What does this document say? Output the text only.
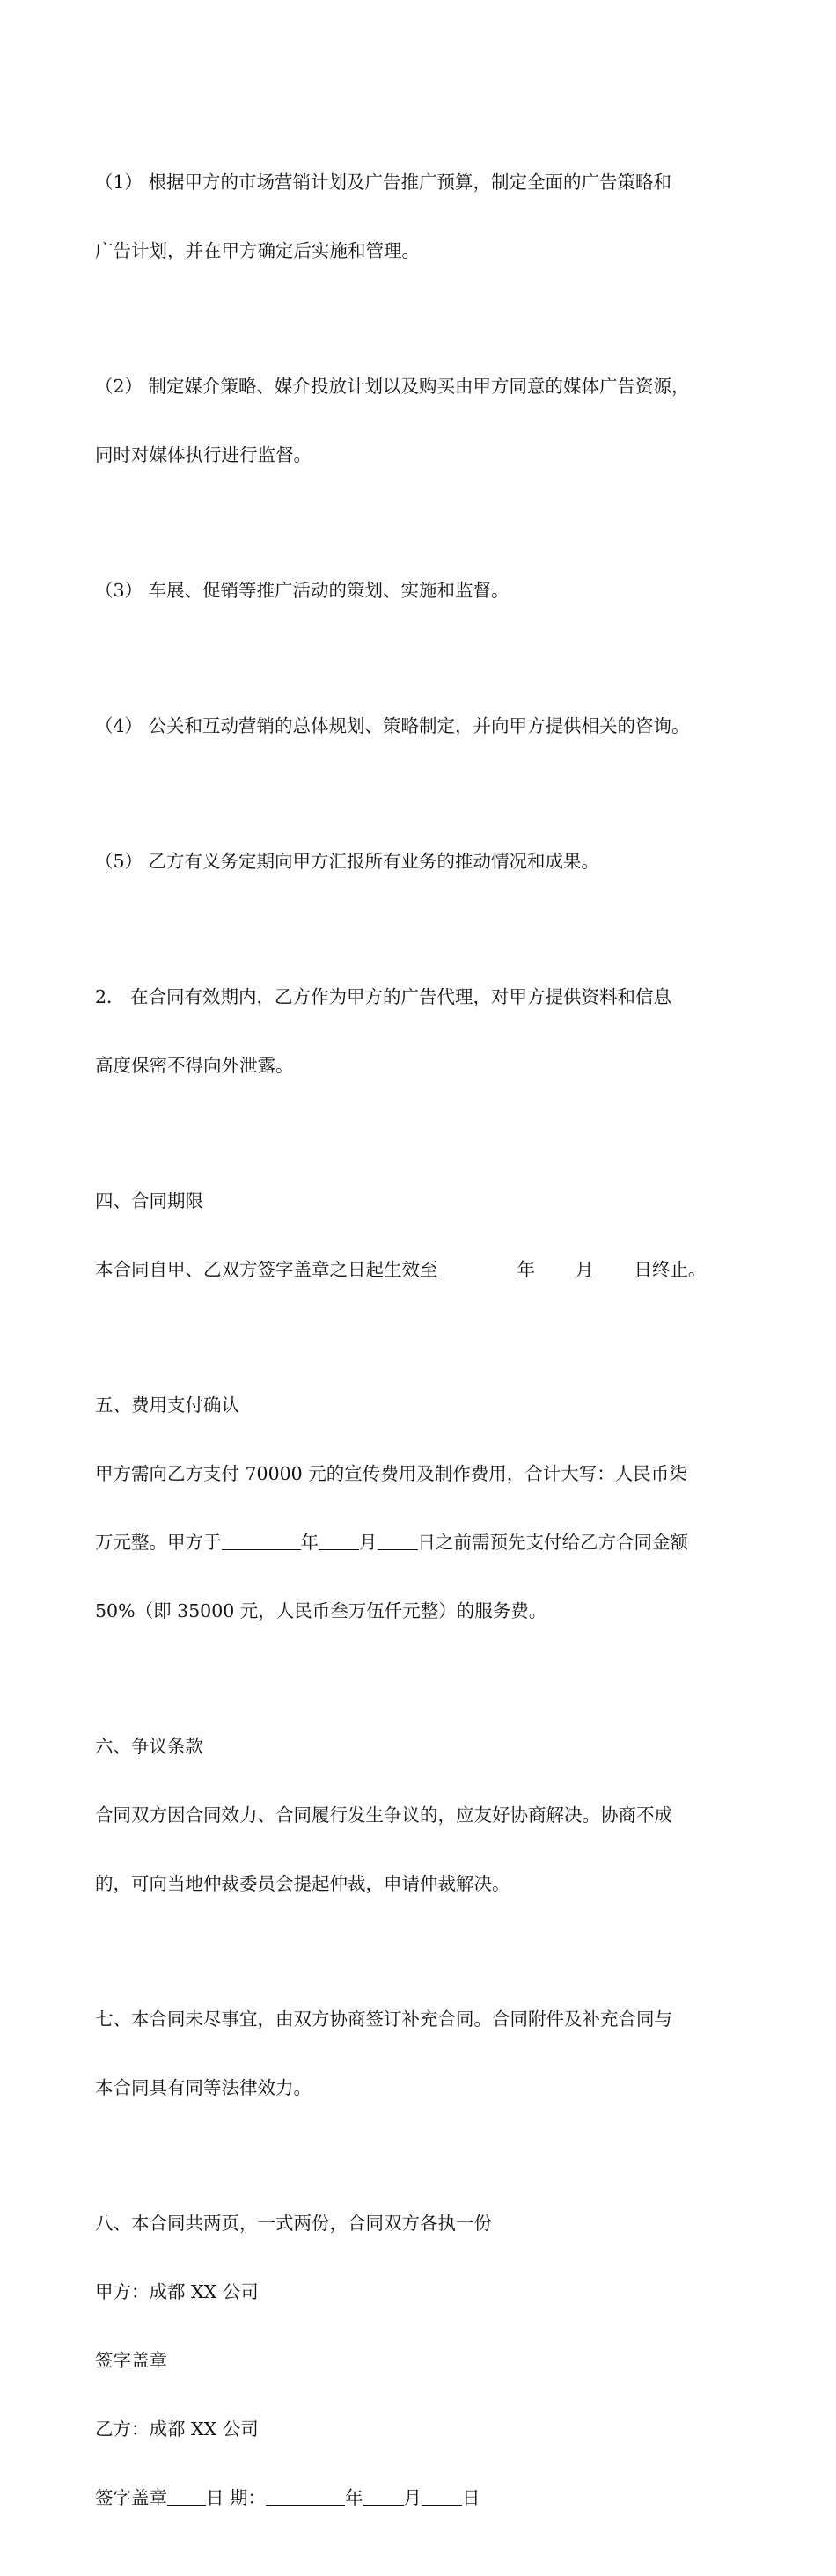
（1） 根据甲方的市场营销计划及广告推广预算，制定全面的广告策略和

广告计划，并在甲方确定后实施和管理。

（2） 制定媒介策略、媒介投放计划以及购买由甲方同意的媒体广告资源，

同时对媒体执行进行监督。

（3） 车展、促销等推广活动的策划、实施和监督。

（4） 公关和互动营销的总体规划、策略制定，并向甲方提供相关的咨询。

（5） 乙方有义务定期向甲方汇报所有业务的推动情况和成果。

2． 在合同有效期内，乙方作为甲方的广告代理，对甲方提供资料和信息

高度保密不得向外泄露。

四、合同期限

本合同自甲、乙双方签字盖章之日起生效至	年 月 日终止。

五、费用支付确认

甲方需向乙方支付 70000 元的宣传费用及制作费用，合计大写：人民币柒

万元整。甲方于	年 月 日之前需预先支付给乙方合同金额

50%（即 35000 元，人民币叁万伍仟元整）的服务费。

六、争议条款

合同双方因合同效力、合同履行发生争议的，应友好协商解决。协商不成

的，可向当地仲裁委员会提起仲裁，申请仲裁解决。

七、本合同未尽事宜，由双方协商签订补充合同。合同附件及补充合同与

本合同具有同等法律效力。

八、本合同共两页，一式两份，合同双方各执一份

甲方：成都 XX 公司

签字盖章

乙方：成都 XX 公司

签字盖章 日 期：	年 月 日
